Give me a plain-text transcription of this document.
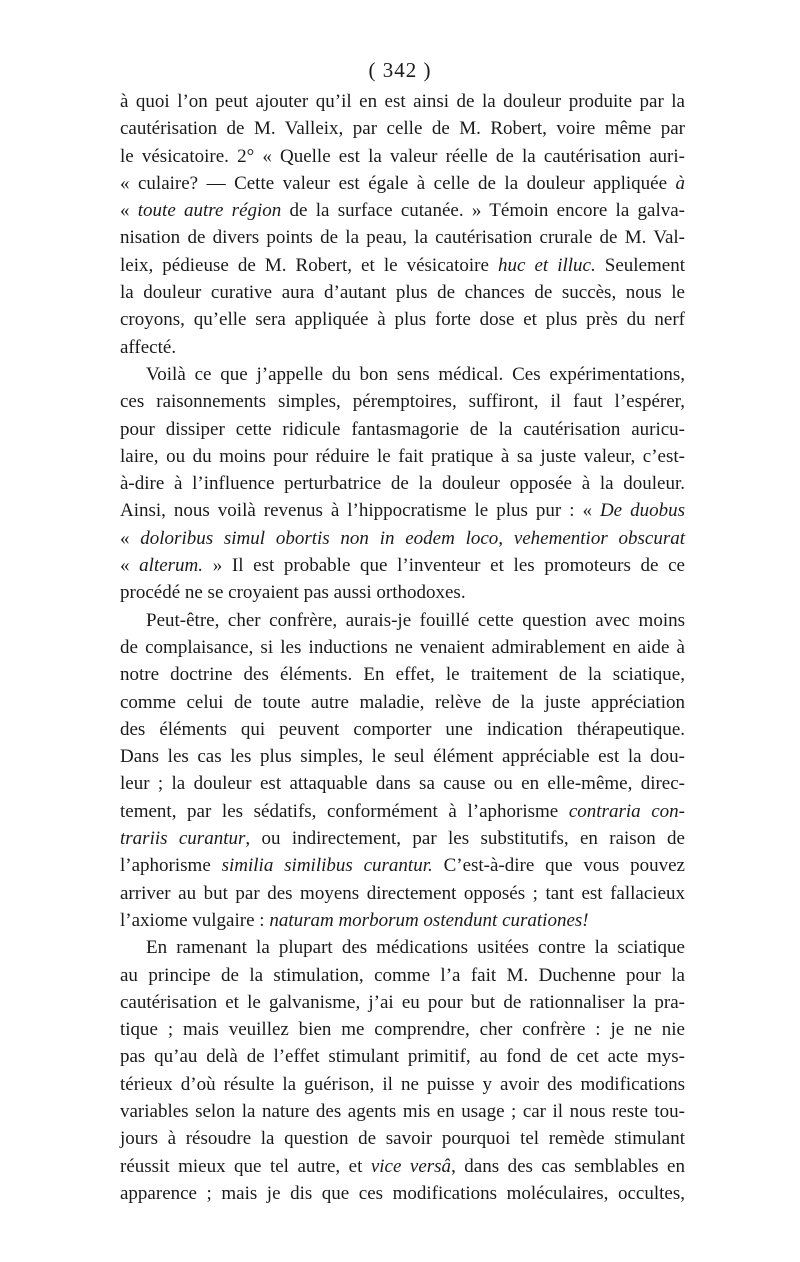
( 342 )
à quoi l’on peut ajouter qu’il en est ainsi de la douleur produite par la
cautérisation de M. Valleix, par celle de M. Robert, voire même par
le vésicatoire. 2° « Quelle est la valeur réelle de la cautérisation auri-
« culaire? — Cette valeur est égale à celle de la douleur appliquée à
« toute autre région de la surface cutanée. » Témoin encore la galva-
nisation de divers points de la peau, la cautérisation crurale de M. Val-
leix, pédieuse de M. Robert, et le vésicatoire huc et illuc. Seulement
la douleur curative aura d’autant plus de chances de succès, nous le
croyons, qu’elle sera appliquée à plus forte dose et plus près du nerf
affecté.
Voilà ce que j’appelle du bon sens médical. Ces expérimentations,
ces raisonnements simples, péremptoires, suffiront, il faut l’espérer,
pour dissiper cette ridicule fantasmagorie de la cautérisation auricu-
laire, ou du moins pour réduire le fait pratique à sa juste valeur, c’est-
à-dire à l’influence perturbatrice de la douleur opposée à la douleur.
Ainsi, nous voilà revenus à l’hippocratisme le plus pur : « De duobus
« doloribus simul obortis non in eodem loco, vehementior obscurat
« alterum. » Il est probable que l’inventeur et les promoteurs de ce
procédé ne se croyaient pas aussi orthodoxes.
Peut-être, cher confrère, aurais-je fouillé cette question avec moins
de complaisance, si les inductions ne venaient admirablement en aide à
notre doctrine des éléments. En effet, le traitement de la sciatique,
comme celui de toute autre maladie, relève de la juste appréciation
des éléments qui peuvent comporter une indication thérapeutique.
Dans les cas les plus simples, le seul élément appréciable est la dou-
leur ; la douleur est attaquable dans sa cause ou en elle-même, direc-
tement, par les sédatifs, conformément à l’aphorisme contraria con-
trariis curantur, ou indirectement, par les substitutifs, en raison de
l’aphorisme similia similibus curantur. C’est-à-dire que vous pouvez
arriver au but par des moyens directement opposés ; tant est fallacieux
l’axiome vulgaire : naturam morborum ostendunt curationes!
En ramenant la plupart des médications usitées contre la sciatique
au principe de la stimulation, comme l’a fait M. Duchenne pour la
cautérisation et le galvanisme, j’ai eu pour but de rationnaliser la pra-
tique ; mais veuillez bien me comprendre, cher confrère : je ne nie
pas qu’au delà de l’effet stimulant primitif, au fond de cet acte mys-
térieux d’où résulte la guérison, il ne puisse y avoir des modifications
variables selon la nature des agents mis en usage ; car il nous reste tou-
jours à résoudre la question de savoir pourquoi tel remède stimulant
réussit mieux que tel autre, et vice versâ, dans des cas semblables en
apparence ; mais je dis que ces modifications moléculaires, occultes,
